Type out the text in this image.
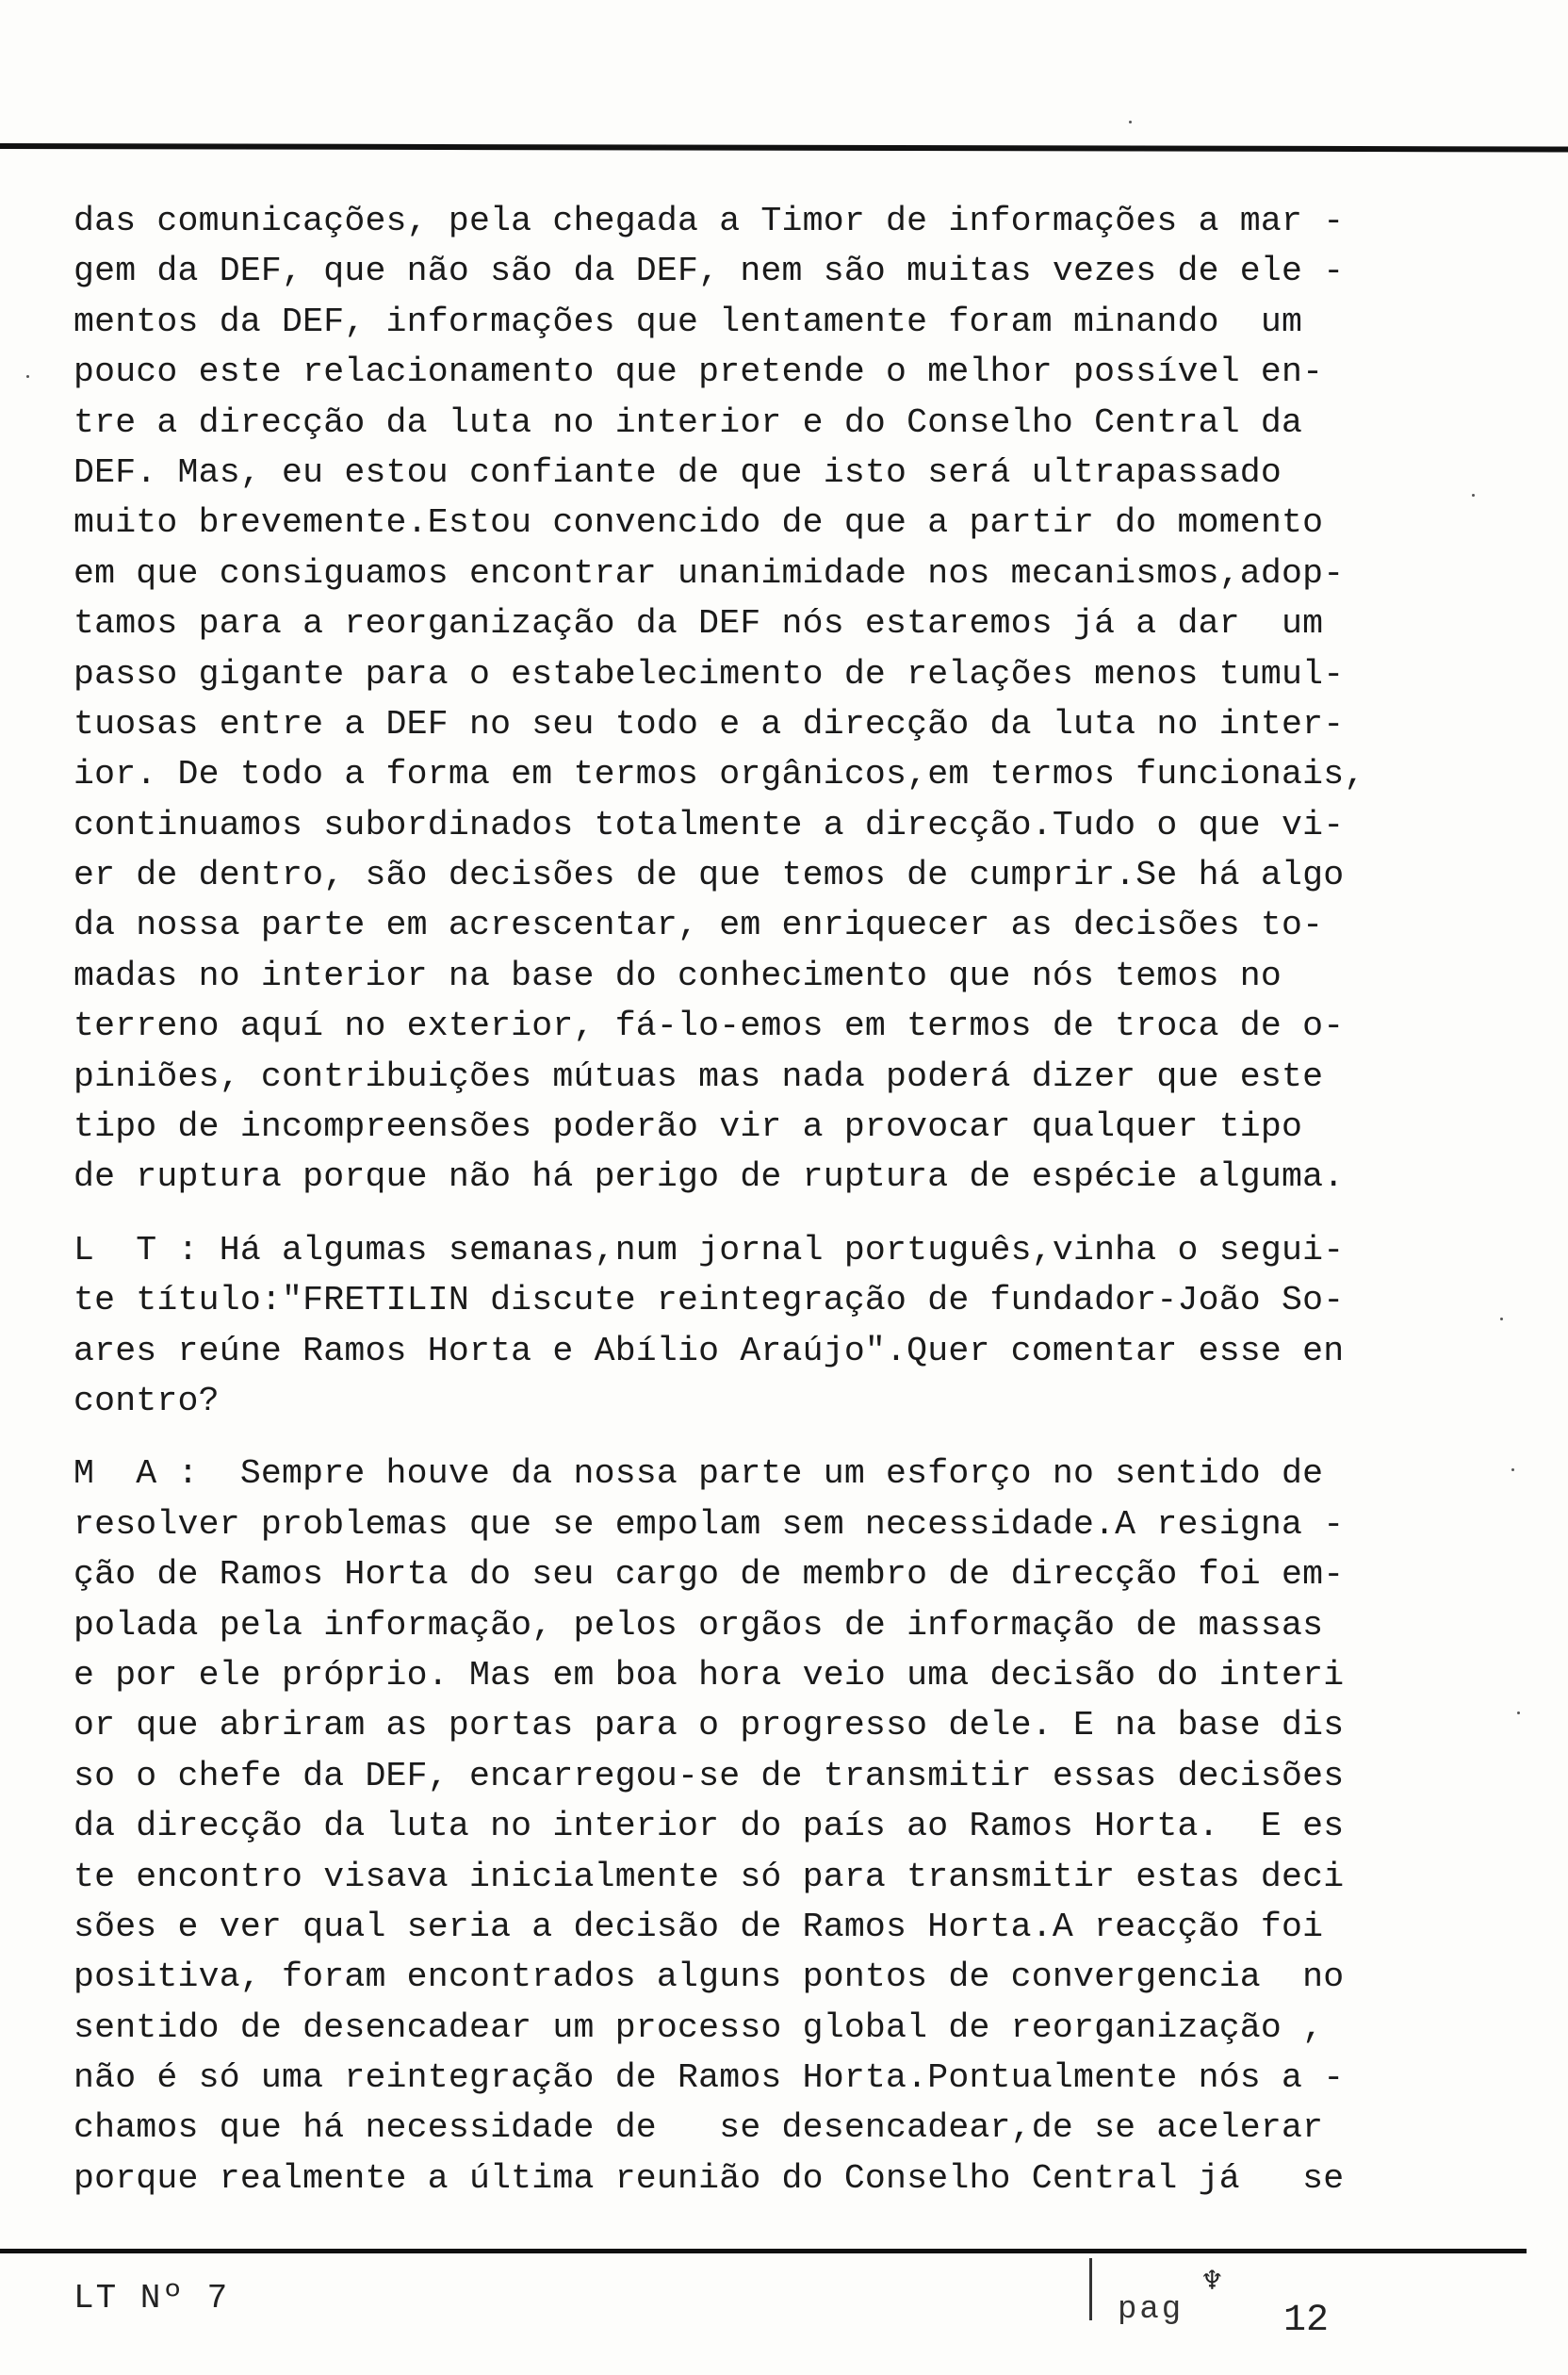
das comunicações, pela chegada a Timor de informações a mar -
gem da DEF, que não são da DEF, nem são muitas vezes de ele -
mentos da DEF, informações que lentamente foram minando  um
pouco este relacionamento que pretende o melhor possível en-
tre a direcção da luta no interior e do Conselho Central da
DEF. Mas, eu estou confiante de que isto será ultrapassado
muito brevemente.Estou convencido de que a partir do momento
em que consiguamos encontrar unanimidade nos mecanismos,adop-
tamos para a reorganização da DEF nós estaremos já a dar  um
passo gigante para o estabelecimento de relações menos tumul-
tuosas entre a DEF no seu todo e a direcção da luta no inter-
ior. De todo a forma em termos orgânicos,em termos funcionais,
continuamos subordinados totalmente a direcção.Tudo o que vi-
er de dentro, são decisões de que temos de cumprir.Se há algo
da nossa parte em acrescentar, em enriquecer as decisões to-
madas no interior na base do conhecimento que nós temos no
terreno aquí no exterior, fá-lo-emos em termos de troca de o-
piniões, contribuições mútuas mas nada poderá dizer que este
tipo de incompreensões poderão vir a provocar qualquer tipo
de ruptura porque não há perigo de ruptura de espécie alguma.
L  T : Há algumas semanas,num jornal português,vinha o segui-
te título:"FRETILIN discute reintegração de fundador-João So-
ares reúne Ramos Horta e Abílio Araújo".Quer comentar esse en
contro?
M  A :  Sempre houve da nossa parte um esforço no sentido de
resolver problemas que se empolam sem necessidade.A resigna -
ção de Ramos Horta do seu cargo de membro de direcção foi em-
polada pela informação, pelos orgãos de informação de massas
e por ele próprio. Mas em boa hora veio uma decisão do interi
or que abriram as portas para o progresso dele. E na base dis
so o chefe da DEF, encarregou-se de transmitir essas decisões
da direcção da luta no interior do país ao Ramos Horta.  E es
te encontro visava inicialmente só para transmitir estas deci
sões e ver qual seria a decisão de Ramos Horta.A reacção foi
positiva, foram encontrados alguns pontos de convergencia  no
sentido de desencadear um processo global de reorganização ,
não é só uma reintegração de Ramos Horta.Pontualmente nós a -
chamos que há necessidade de   se desencadear,de se acelerar
porque realmente a última reunião do Conselho Central já   se
LT Nº 7	♆
pag	12
